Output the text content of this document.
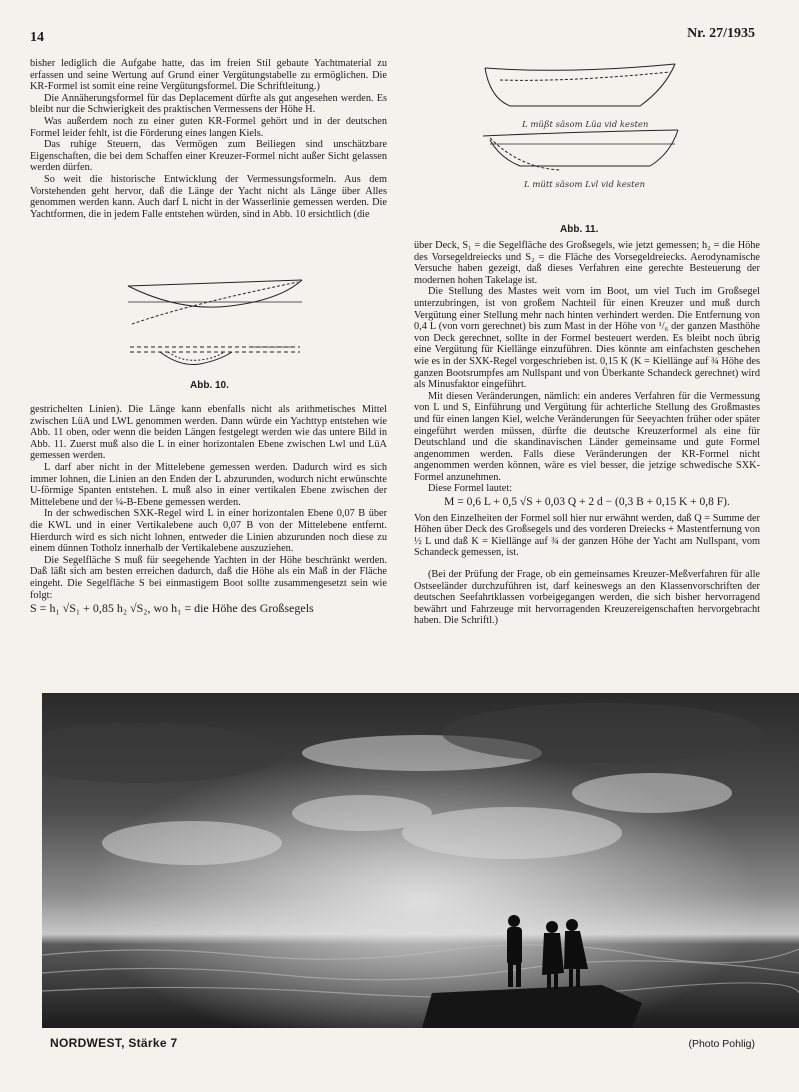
14	Nr. 27/1935

bisher lediglich die Aufgabe hatte, das im freien Stil gebaute Yachtmaterial zu erfassen und seine Wertung auf Grund einer Vergütungstabelle zu ermöglichen. Die KR-Formel ist somit eine reine Vergütungsformel. Die Schriftleitung.)

Die Annäherungsformel für das Deplacement dürfte als gut angesehen werden. Es bleibt nur die Schwierigkeit des praktischen Vermessens der Höhe H.

Was außerdem noch zu einer guten KR-Formel gehört und in der deutschen Formel leider fehlt, ist die Förderung eines langen Kiels.

Das ruhige Steuern, das Vermögen zum Beiliegen sind unschätzbare Eigenschaften, die bei dem Schaffen einer Kreuzer-Formel nicht außer Sicht gelassen werden dürfen.

So weit die historische Entwicklung der Vermessungsformeln. Aus dem Vorstehenden geht hervor, daß die Länge der Yacht nicht als Länge über Alles genommen werden kann. Auch darf L nicht in der Wasserlinie gemessen werden. Die Yachtformen, die in jedem Falle entstehen würden, sind in Abb. 10 ersichtlich (die

Abb. 10.

gestrichelten Linien). Die Länge kann ebenfalls nicht als arithmetisches Mittel zwischen LüA und LWL genommen werden. Dann würde ein Yachttyp entstehen wie Abb. 11 oben, oder wenn die beiden Längen festgelegt werden wie das untere Bild in Abb. 11. Zuerst muß also die L in einer horizontalen Ebene zwischen Lwl und LüA gemessen werden.

L darf aber nicht in der Mittelebene gemessen werden. Dadurch wird es sich immer lohnen, die Linien an den Enden der L abzurunden, wodurch nicht erwünschte U-förmige Spanten entstehen. L muß also in einer vertikalen Ebene zwischen der Mittelebene und der ¼-B-Ebene gemessen werden.

In der schwedischen SXK-Regel wird L in einer horizontalen Ebene 0,07 B über die KWL und in einer Vertikalebene auch 0,07 B von der Mittelebene entfernt. Hierdurch wird es sich nicht lohnen, entweder die Linien abzurunden noch diese zu einem dünnen Totholz innerhalb der Vertikalebene auszuziehen.

Die Segelfläche S muß für seegehende Yachten in der Höhe beschränkt werden. Daß läßt sich am besten erreichen dadurch, daß die Höhe als ein Maß in der Fläche eingeht. Die Segelfläche S bei einmastigem Boot sollte zusammengesetzt sein wie folgt:

S = h₁ √S₁ + 0,85 h₂ √S₂, wo h₁ = die Höhe des Großsegels

L müßt säsom Lüa vid kesten
L mütt säsom Lvl vid kesten
Abb. 11.

über Deck, S₁ = die Segelfläche des Großsegels, wie jetzt gemessen; h₂ = die Höhe des Vorsegeldreiecks und S₂ = die Fläche des Vorsegeldreiecks. Aerodynamische Versuche haben gezeigt, daß dieses Verfahren eine gerechte Besteuerung der modernen hohen Takelage ist.

Die Stellung des Mastes weit vorn im Boot, um viel Tuch im Großsegel unterzubringen, ist von großem Nachteil für einen Kreuzer und muß durch Vergütung einer Stellung mehr nach hinten verhindert werden. Die Entfernung von 0,4 L (von vorn gerechnet) bis zum Mast in der Höhe von ¹/₆ der ganzen Masthöhe von Deck gerechnet, sollte in der Formel besteuert werden. Es bleibt noch übrig eine Vergütung für Kiellänge einzuführen. Dies könnte am einfachsten geschehen wie es in der SXK-Regel vorgeschrieben ist. 0,15 K (K = Kiellänge auf ¾ Höhe des ganzen Bootsrumpfes am Nullspant und von Überkante Schandeck gerechnet) wird als Minusfaktor eingeführt.

Mit diesen Veränderungen, nämlich: ein anderes Verfahren für die Vermessung von L und S, Einführung und Vergütung für achterliche Stellung des Großmastes und für einen langen Kiel, welche Veränderungen für Seeyachten früher oder später eingeführt werden müssen, dürfte die deutsche Kreuzerformel als eine für Deutschland und die skandinavischen Länder gemeinsame und gute Formel angenommen werden. Falls diese Veränderungen der KR-Formel nicht angenommen werden können, wäre es viel besser, die jetzige schwedische SXK-Formel anzunehmen.

Diese Formel lautet:

M = 0,6 L + 0,5 √S + 0,03 Q + 2 d − (0,3 B + 0,15 K + 0,8 F).

Von den Einzelheiten der Formel soll hier nur erwähnt werden, daß Q = Summe der Höhen über Deck des Großsegels und des vorderen Dreiecks + Mastentfernung von ½ L und daß K = Kiellänge auf ¾ der ganzen Höhe der Yacht am Nullspant, vom Schandeck gemessen, ist.

(Bei der Prüfung der Frage, ob ein gemeinsames Kreuzer-Meßverfahren für alle Ostseeländer durchzuführen ist, darf keineswegs an den Klassenvorschriften der deutschen Seefahrtklassen vorbeigegangen werden, die sich bisher hervorragend bewährt und Fahrzeuge mit hervorragenden Kreuzereigenschaften hervorgebracht haben. Die Schriftl.)

NORDWEST, Stärke 7	(Photo Pohlig)
